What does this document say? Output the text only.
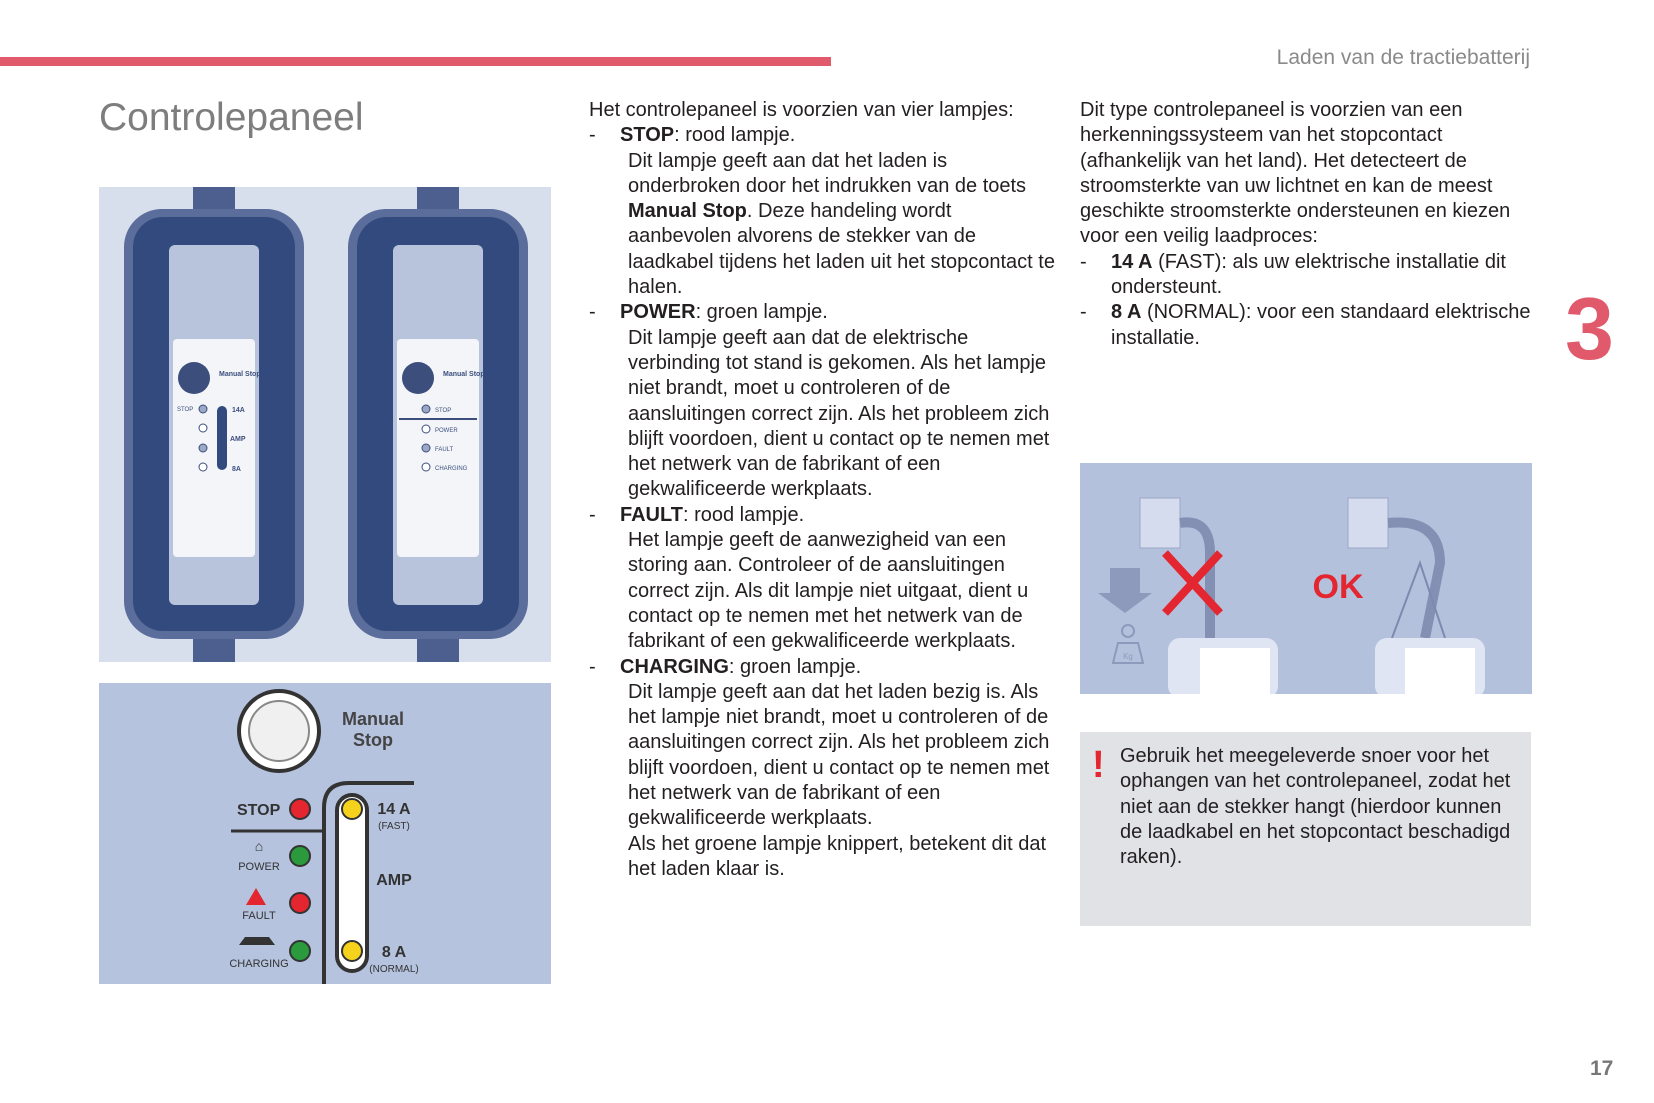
Laden van de tractiebatterij
Controlepaneel
Manual Stop
STOP	14A
AMP
8A
Manual Stop
STOP
POWER
FAULT
CHARGING
Manual
Stop
STOP
⌂
POWER
FAULT
CHARGING
14 A
(FAST)
AMP
8 A
(NORMAL)

Het controlepaneel is voorzien van vier lampjes:

- STOP: rood lampje.

Dit lampje geeft aan dat het laden is onderbroken door het indrukken van de toets Manual Stop. Deze handeling wordt aanbevolen alvorens de stekker van de laadkabel tijdens het laden uit het stopcontact te halen.

- POWER: groen lampje.

Dit lampje geeft aan dat de elektrische verbinding tot stand is gekomen. Als het lampje niet brandt, moet u controleren of de aansluitingen correct zijn. Als het probleem zich blijft voordoen, dient u contact op te nemen met het netwerk van de fabrikant of een gekwalificeerde werkplaats.

- FAULT: rood lampje.

Het lampje geeft de aanwezigheid van een storing aan. Controleer of de aansluitingen correct zijn. Als dit lampje niet uitgaat, dient u contact op te nemen met het netwerk van de fabrikant of een gekwalificeerde werkplaats.

- CHARGING: groen lampje.

Dit lampje geeft aan dat het laden bezig is. Als het lampje niet brandt, moet u controleren of de aansluitingen correct zijn. Als het probleem zich blijft voordoen, dient u contact op te nemen met het netwerk van de fabrikant of een gekwalificeerde werkplaats.

Als het groene lampje knippert, betekent dit dat het laden klaar is.

Dit type controlepaneel is voorzien van een herkenningssysteem van het stopcontact (afhankelijk van het land). Het detecteert de stroomsterkte van uw lichtnet en kan de meest geschikte stroomsterkte ondersteunen en kiezen voor een veilig laadproces:

- 14 A (FAST): als uw elektrische installatie dit ondersteunt.
- 8 A (NORMAL): voor een standaard elektrische installatie.
Kg
OK
! Gebruik het meegeleverde snoer voor het ophangen van het controlepaneel, zodat het niet aan de stekker hangt (hierdoor kunnen de laadkabel en het stopcontact beschadigd raken).

3
17
